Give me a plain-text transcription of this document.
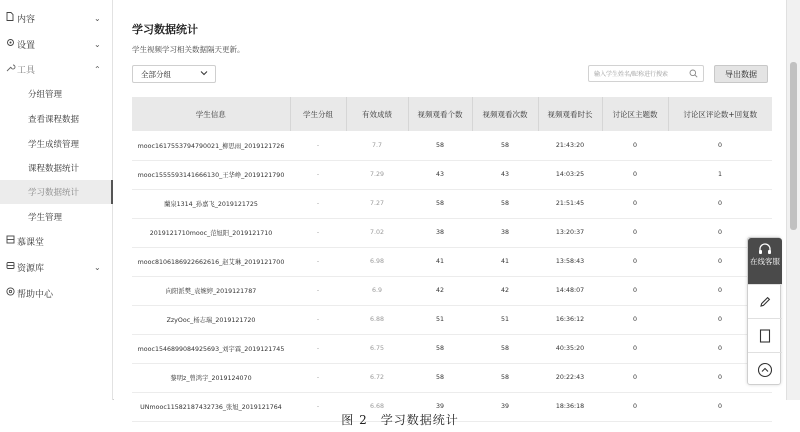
内容	⌄
设置	⌄
工具	⌃
分组管理
查看课程数据
学生成绩管理
课程数据统计
学习数据统计
学生管理
慕课堂
资源库	⌄
帮助中心
学习数据统计
学生视频学习相关数据隔天更新。
全部分组	输入学生姓名/昵称进行搜索	导出数据
学生信息	学生分组	有效成绩	视频观看个数	视频观看次数	视频观看时长	讨论区主题数	讨论区评论数+回复数
mooc1617553794790021_柳思雨_2019121726	-	7.7	58	58	21:43:20	0	0
mooc1555593141666130_王华峥_2019121790	-	7.29	43	43	14:03:25	0	1
蘭泉1314_孙嘉飞_2019121725	-	7.27	58	58	21:51:45	0	0
2019121710mooc_范旭阳_2019121710	-	7.02	38	38	13:20:37	0	0
mooc8106186922662616_赵艾琳_2019121700	-	6.98	41	41	13:58:43	0	0
向阳派樊_袁婉婷_2019121787	-	6.9	42	42	14:48:07	0	0
ZzyOoc_杨志瑞_2019121720	-	6.88	51	51	16:36:12	0	0
mooc1546899084925693_刘宇霖_2019121745	-	6.75	58	58	40:35:20	0	0
黎明z_曾鸿宇_2019124070	-	6.72	58	58	20:22:43	0	0
UNmooc11582187432736_张旭_2019121764	-	6.68	39	39	18:36:18	0	0
在线客服
图 2　学习数据统计
